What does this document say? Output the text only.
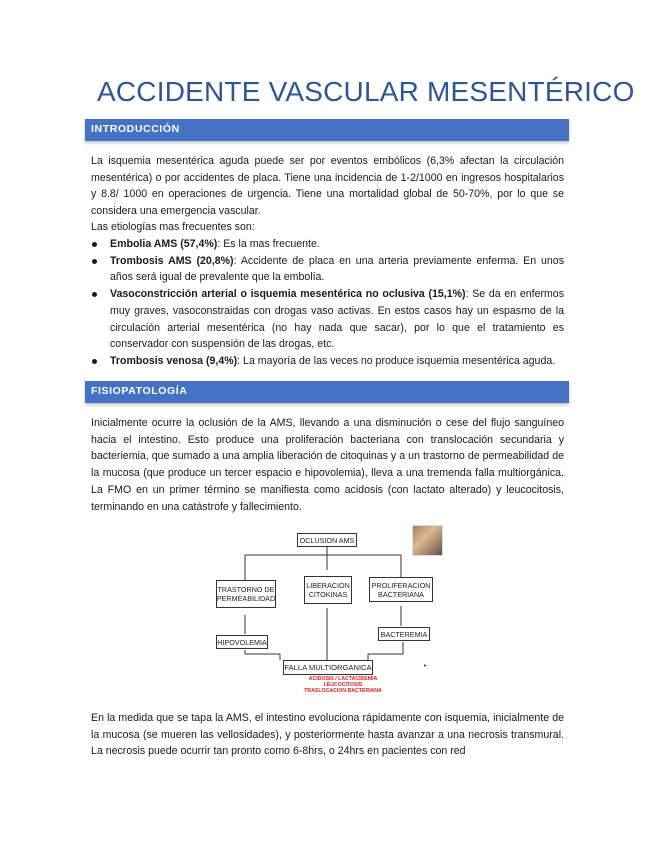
ACCIDENTE VASCULAR MESENTÉRICO
INTRODUCCIÓN

La isquemia mesentérica aguda puede ser por eventos embólicos (6,3% afectan la circulación mesentérica) o por accidentes de placa. Tiene una incidencia de 1-2/1000 en ingresos hospitalarios y 8.8/ 1000 en operaciones de urgencia. Tiene una mortalidad global de 50-70%, por lo que se considera una emergencia vascular.

Las etiologías mas frecuentes son:

Embolia AMS (57,4%): Es la mas frecuente.
Trombosis AMS (20,8%): Accidente de placa en una arteria previamente enferma. En unos años será igual de prevalente que la embolía.
Vasoconstricción arterial o isquemia mesentérica no oclusiva (15,1%): Se da en enfermos muy graves, vasoconstraidas con drogas vaso activas. En estos casos hay un espasmo de la circulación arterial mesentérica (no hay nada que sacar), por lo que el tratamiento es conservador con suspensión de las drogas, etc.
Trombosis venosa (9,4%): La mayoría de las veces no produce isquemia mesentérica aguda.
FISIOPATOLOGÍA

Inicialmente ocurre la oclusión de la AMS, llevando a una disminución o cese del flujo sanguíneo hacia el intestino. Esto produce una proliferación bacteriana con translocación secundaria y bacteriemia, que sumado a una amplia liberación de citoquinas y a un trastorno de permeabilidad de la mucosa (que produce un tercer espacio e hipovolemia), lleva a una tremenda falla multiorgánica. La FMO en un primer término se manifiesta como acidosis (con lactato alterado) y leucocitosis, terminando en una catástrofe y fallecimiento.

OCLUSION AMS
TRASTORNO DE PERMEABILIDAD
LIBERACION CITOKINAS
PROLIFERACION BACTERIANA
HIPOVOLEMIA
BACTEREMIA
FALLA MULTIORGANICA
ACIDOSIS / LACTACIDEMIA
LEUCOCITOSIS
TRASLOCACION BACTERIANA
▸

En la medida que se tapa la AMS, el intestino evoluciona rápidamente con isquemia, inicialmente de la mucosa (se mueren las vellosidades), y posteriormente hasta avanzar a una necrosis transmural. La necrosis puede ocurrir tan pronto como 6-8hrs, o 24hrs en pacientes con red
